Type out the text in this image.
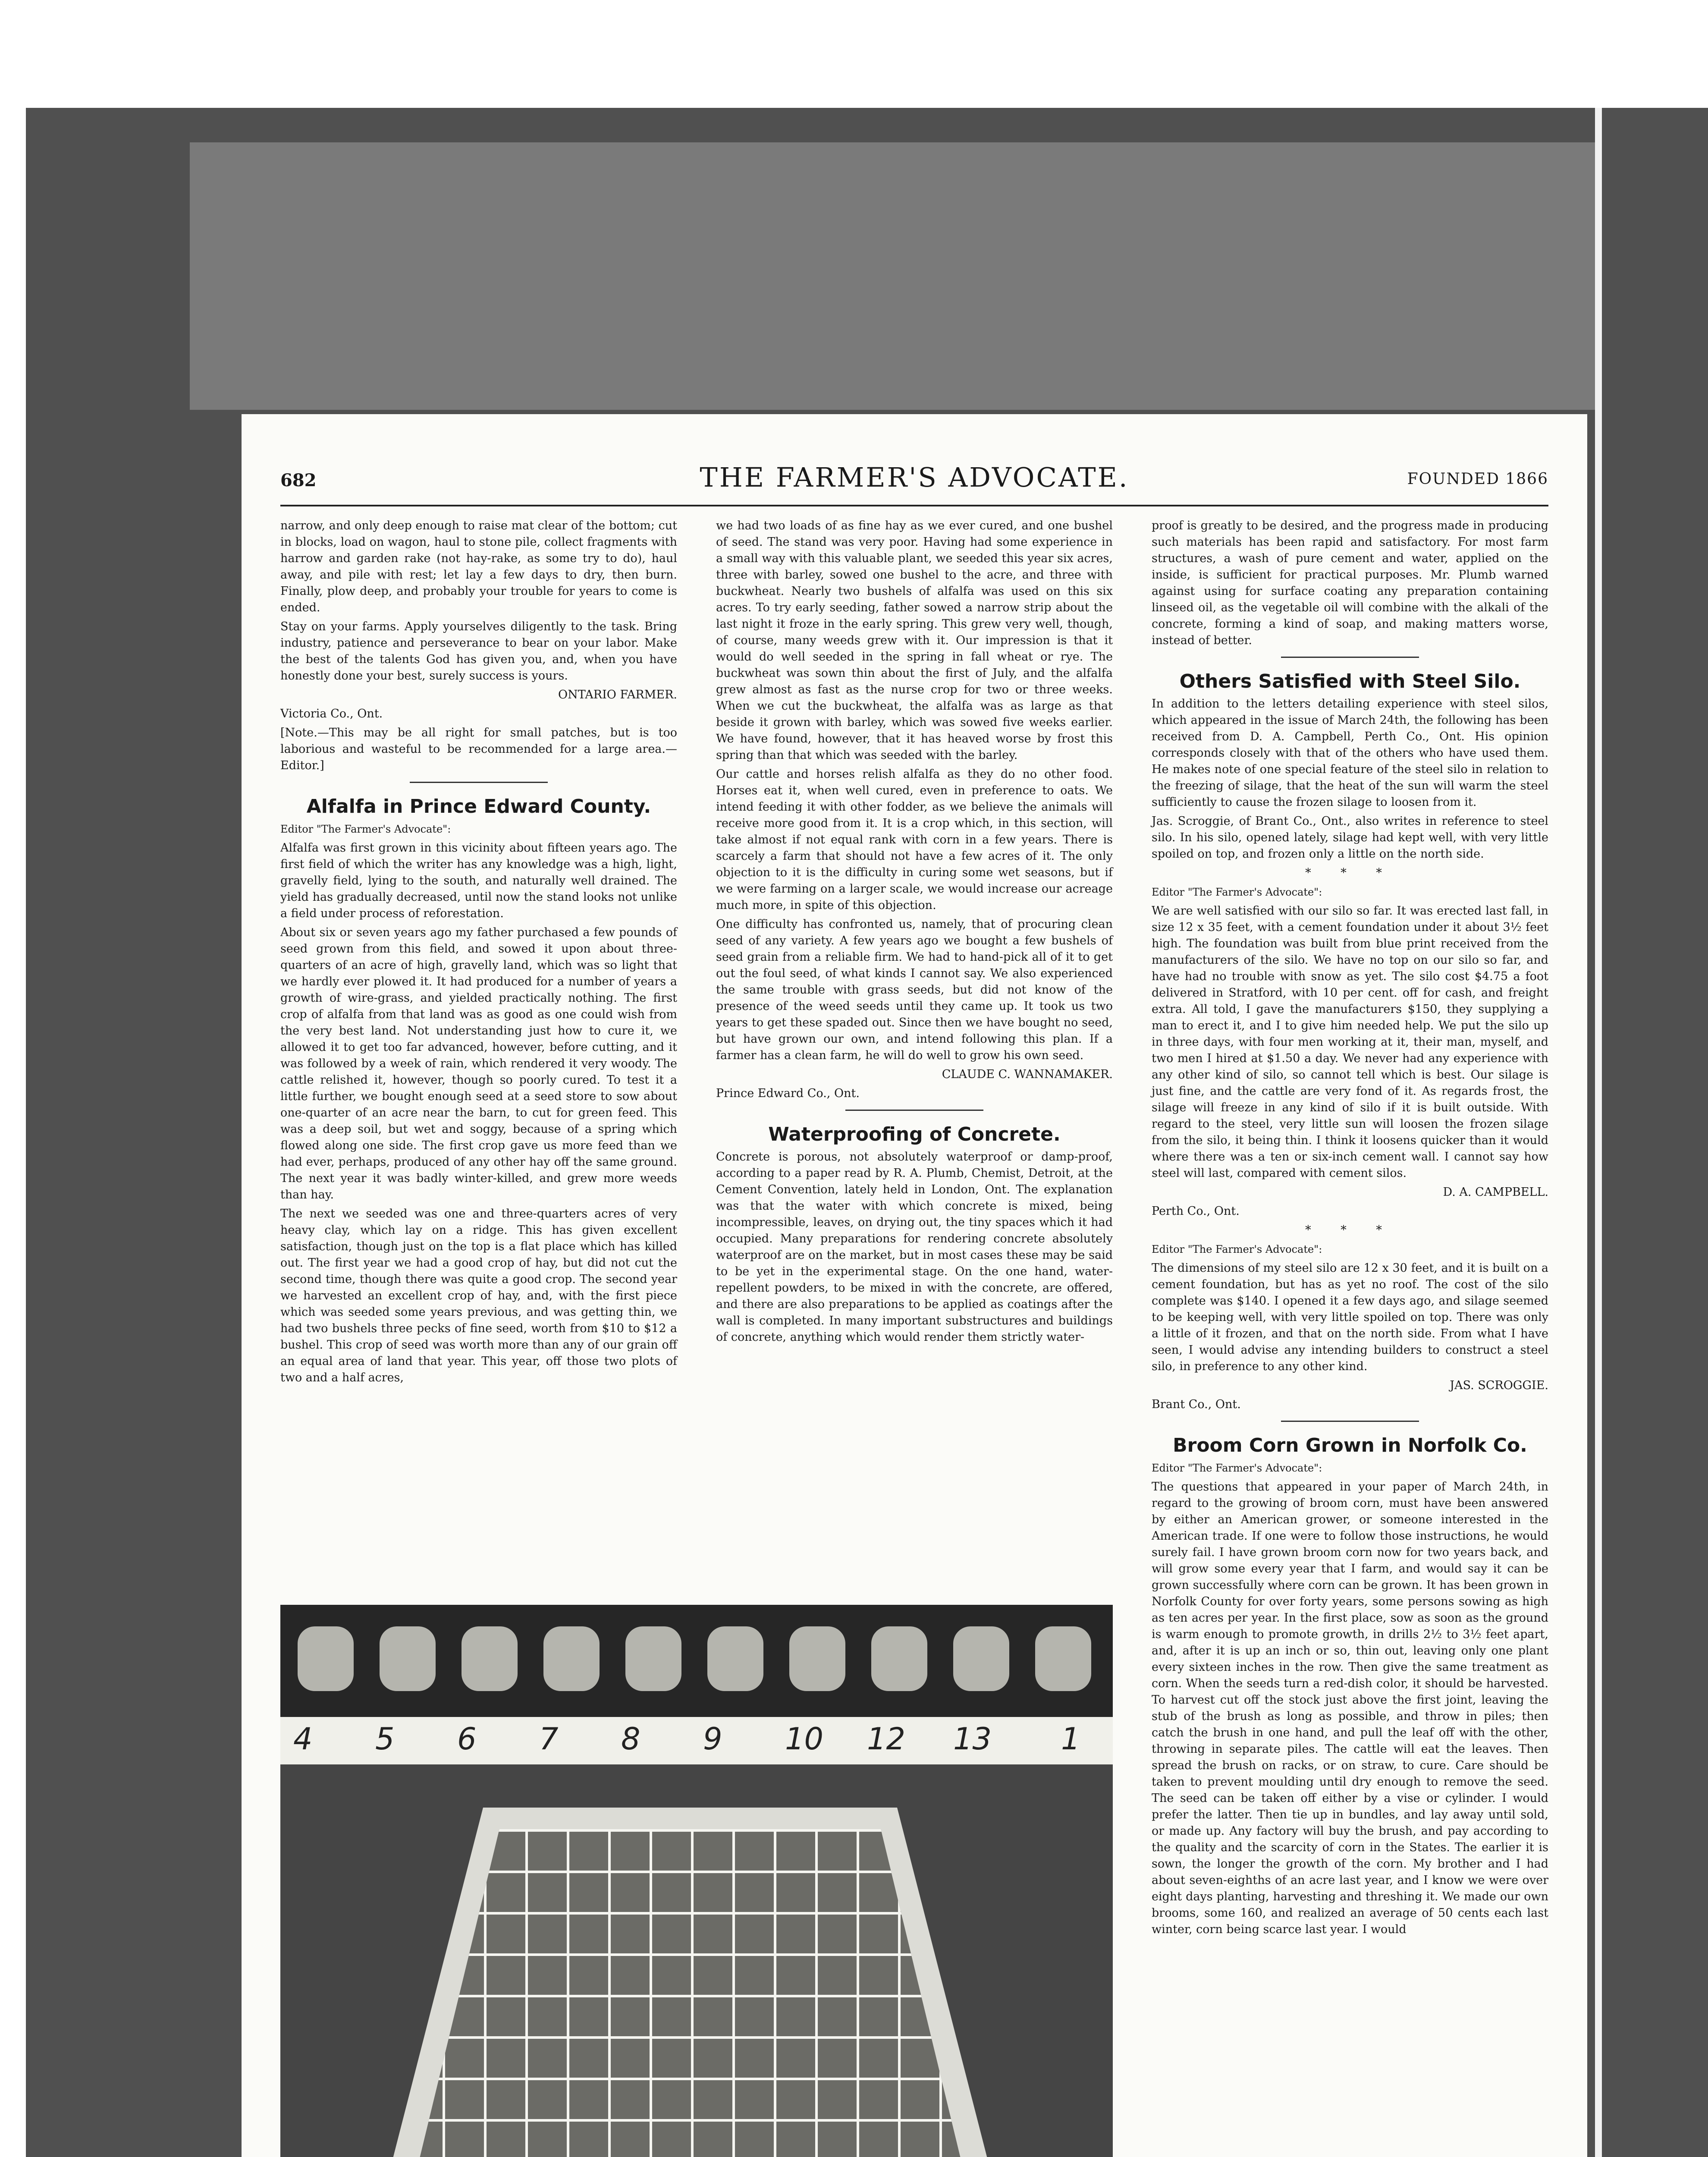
682	THE FARMER'S ADVOCATE.	FOUNDED 1866

narrow, and only deep enough to raise mat clear of the bottom; cut in blocks, load on wagon, haul to stone pile, collect fragments with harrow and garden rake (not hay-rake, as some try to do), haul away, and pile with rest; let lay a few days to dry, then burn. Finally, plow deep, and probably your trouble for years to come is ended.

Stay on your farms. Apply yourselves diligently to the task. Bring industry, patience and perseverance to bear on your labor. Make the best of the talents God has given you, and, when you have honestly done your best, surely success is yours.

ONTARIO FARMER.

Victoria Co., Ont.

[Note.—This may be all right for small patches, but is too laborious and wasteful to be recommended for a large area.—Editor.]

Alfalfa in Prince Edward County.

Editor "The Farmer's Advocate":

Alfalfa was first grown in this vicinity about fifteen years ago. The first field of which the writer has any knowledge was a high, light, gravelly field, lying to the south, and naturally well drained. The yield has gradually decreased, until now the stand looks not unlike a field under process of reforestation.

About six or seven years ago my father purchased a few pounds of seed grown from this field, and sowed it upon about three-quarters of an acre of high, gravelly land, which was so light that we hardly ever plowed it. It had produced for a number of years a growth of wire-grass, and yielded practically nothing. The first crop of alfalfa from that land was as good as one could wish from the very best land. Not understanding just how to cure it, we allowed it to get too far advanced, however, before cutting, and it was followed by a week of rain, which rendered it very woody. The cattle relished it, however, though so poorly cured. To test it a little further, we bought enough seed at a seed store to sow about one-quarter of an acre near the barn, to cut for green feed. This was a deep soil, but wet and soggy, because of a spring which flowed along one side. The first crop gave us more feed than we had ever, perhaps, produced of any other hay off the same ground. The next year it was badly winter-killed, and grew more weeds than hay.

The next we seeded was one and three-quarters acres of very heavy clay, which lay on a ridge. This has given excellent satisfaction, though just on the top is a flat place which has killed out. The first year we had a good crop of hay, but did not cut the second time, though there was quite a good crop. The second year we harvested an excellent crop of hay, and, with the first piece which was seeded some years previous, and was getting thin, we had two bushels three pecks of fine seed, worth from $10 to $12 a bushel. This crop of seed was worth more than any of our grain off an equal area of land that year. This year, off those two plots of two and a half acres,

we had two loads of as fine hay as we ever cured, and one bushel of seed. The stand was very poor. Having had some experience in a small way with this valuable plant, we seeded this year six acres, three with barley, sowed one bushel to the acre, and three with buckwheat. Nearly two bushels of alfalfa was used on this six acres. To try early seeding, father sowed a narrow strip about the last night it froze in the early spring. This grew very well, though, of course, many weeds grew with it. Our impression is that it would do well seeded in the spring in fall wheat or rye. The buckwheat was sown thin about the first of July, and the alfalfa grew almost as fast as the nurse crop for two or three weeks. When we cut the buckwheat, the alfalfa was as large as that beside it grown with barley, which was sowed five weeks earlier. We have found, however, that it has heaved worse by frost this spring than that which was seeded with the barley.

Our cattle and horses relish alfalfa as they do no other food. Horses eat it, when well cured, even in preference to oats. We intend feeding it with other fodder, as we believe the animals will receive more good from it. It is a crop which, in this section, will take almost if not equal rank with corn in a few years. There is scarcely a farm that should not have a few acres of it. The only objection to it is the difficulty in curing some wet seasons, but if we were farming on a larger scale, we would increase our acreage much more, in spite of this objection.

One difficulty has confronted us, namely, that of procuring clean seed of any variety. A few years ago we bought a few bushels of seed grain from a reliable firm. We had to hand-pick all of it to get out the foul seed, of what kinds I cannot say. We also experienced the same trouble with grass seeds, but did not know of the presence of the weed seeds until they came up. It took us two years to get these spaded out. Since then we have bought no seed, but have grown our own, and intend following this plan. If a farmer has a clean farm, he will do well to grow his own seed.

CLAUDE C. WANNAMAKER.

Prince Edward Co., Ont.

Waterproofing of Concrete.

Concrete is porous, not absolutely waterproof or damp-proof, according to a paper read by R. A. Plumb, Chemist, Detroit, at the Cement Convention, lately held in London, Ont. The explanation was that the water with which concrete is mixed, being incompressible, leaves, on drying out, the tiny spaces which it had occupied. Many preparations for rendering concrete absolutely waterproof are on the market, but in most cases these may be said to be yet in the experimental stage. On the one hand, water-repellent powders, to be mixed in with the concrete, are offered, and there are also preparations to be applied as coatings after the wall is completed. In many important substructures and buildings of concrete, anything which would render them strictly water-

proof is greatly to be desired, and the progress made in producing such materials has been rapid and satisfactory. For most farm structures, a wash of pure cement and water, applied on the inside, is sufficient for practical purposes. Mr. Plumb warned against using for surface coating any preparation containing linseed oil, as the vegetable oil will combine with the alkali of the concrete, forming a kind of soap, and making matters worse, instead of better.

Others Satisfied with Steel Silo.

In addition to the letters detailing experience with steel silos, which appeared in the issue of March 24th, the following has been received from D. A. Campbell, Perth Co., Ont. His opinion corresponds closely with that of the others who have used them. He makes note of one special feature of the steel silo in relation to the freezing of silage, that the heat of the sun will warm the steel sufficiently to cause the frozen silage to loosen from it.

Jas. Scroggie, of Brant Co., Ont., also writes in reference to steel silo. In his silo, opened lately, silage had kept well, with very little spoiled on top, and frozen only a little on the north side.

* * *

Editor "The Farmer's Advocate":

We are well satisfied with our silo so far. It was erected last fall, in size 12 x 35 feet, with a cement foundation under it about 3½ feet high. The foundation was built from blue print received from the manufacturers of the silo. We have no top on our silo so far, and have had no trouble with snow as yet. The silo cost $4.75 a foot delivered in Stratford, with 10 per cent. off for cash, and freight extra. All told, I gave the manufacturers $150, they supplying a man to erect it, and I to give him needed help. We put the silo up in three days, with four men working at it, their man, myself, and two men I hired at $1.50 a day. We never had any experience with any other kind of silo, so cannot tell which is best. Our silage is just fine, and the cattle are very fond of it. As regards frost, the silage will freeze in any kind of silo if it is built outside. With regard to the steel, very little sun will loosen the frozen silage from the silo, it being thin. I think it loosens quicker than it would where there was a ten or six-inch cement wall. I cannot say how steel will last, compared with cement silos.

D. A. CAMPBELL.

Perth Co., Ont.

* * *

Editor "The Farmer's Advocate":

The dimensions of my steel silo are 12 x 30 feet, and it is built on a cement foundation, but has as yet no roof. The cost of the silo complete was $140. I opened it a few days ago, and silage seemed to be keeping well, with very little spoiled on top. There was only a little of it frozen, and that on the north side. From what I have seen, I would advise any intending builders to construct a steel silo, in preference to any other kind.

JAS. SCROGGIE.

Brant Co., Ont.

Broom Corn Grown in Norfolk Co.

Editor "The Farmer's Advocate":

The questions that appeared in your paper of March 24th, in regard to the growing of broom corn, must have been answered by either an American grower, or someone interested in the American trade. If one were to follow those instructions, he would surely fail. I have grown broom corn now for two years back, and will grow some every year that I farm, and would say it can be grown successfully where corn can be grown. It has been grown in Norfolk County for over forty years, some persons sowing as high as ten acres per year. In the first place, sow as soon as the ground is warm enough to promote growth, in drills 2½ to 3½ feet apart, and, after it is up an inch or so, thin out, leaving only one plant every sixteen inches in the row. Then give the same treatment as corn. When the seeds turn a red-dish color, it should be harvested. To harvest cut off the stock just above the first joint, leaving the stub of the brush as long as possible, and throw in piles; then catch the brush in one hand, and pull the leaf off with the other, throwing in separate piles. The cattle will eat the leaves. Then spread the brush on racks, or on straw, to cure. Care should be taken to prevent moulding until dry enough to remove the seed. The seed can be taken off either by a vise or cylinder. I would prefer the latter. Then tie up in bundles, and lay away until sold, or made up. Any factory will buy the brush, and pay according to the quality and the scarcity of corn in the States. The earlier it is sown, the longer the growth of the corn. My brother and I had about seven-eighths of an acre last year, and I know we were over eight days planting, harvesting and threshing it. We made our own brooms, some 160, and realized an average of 50 cents each last winter, corn being scarce last year. I would

4 5 6 7 8 9 10 12 13 1
